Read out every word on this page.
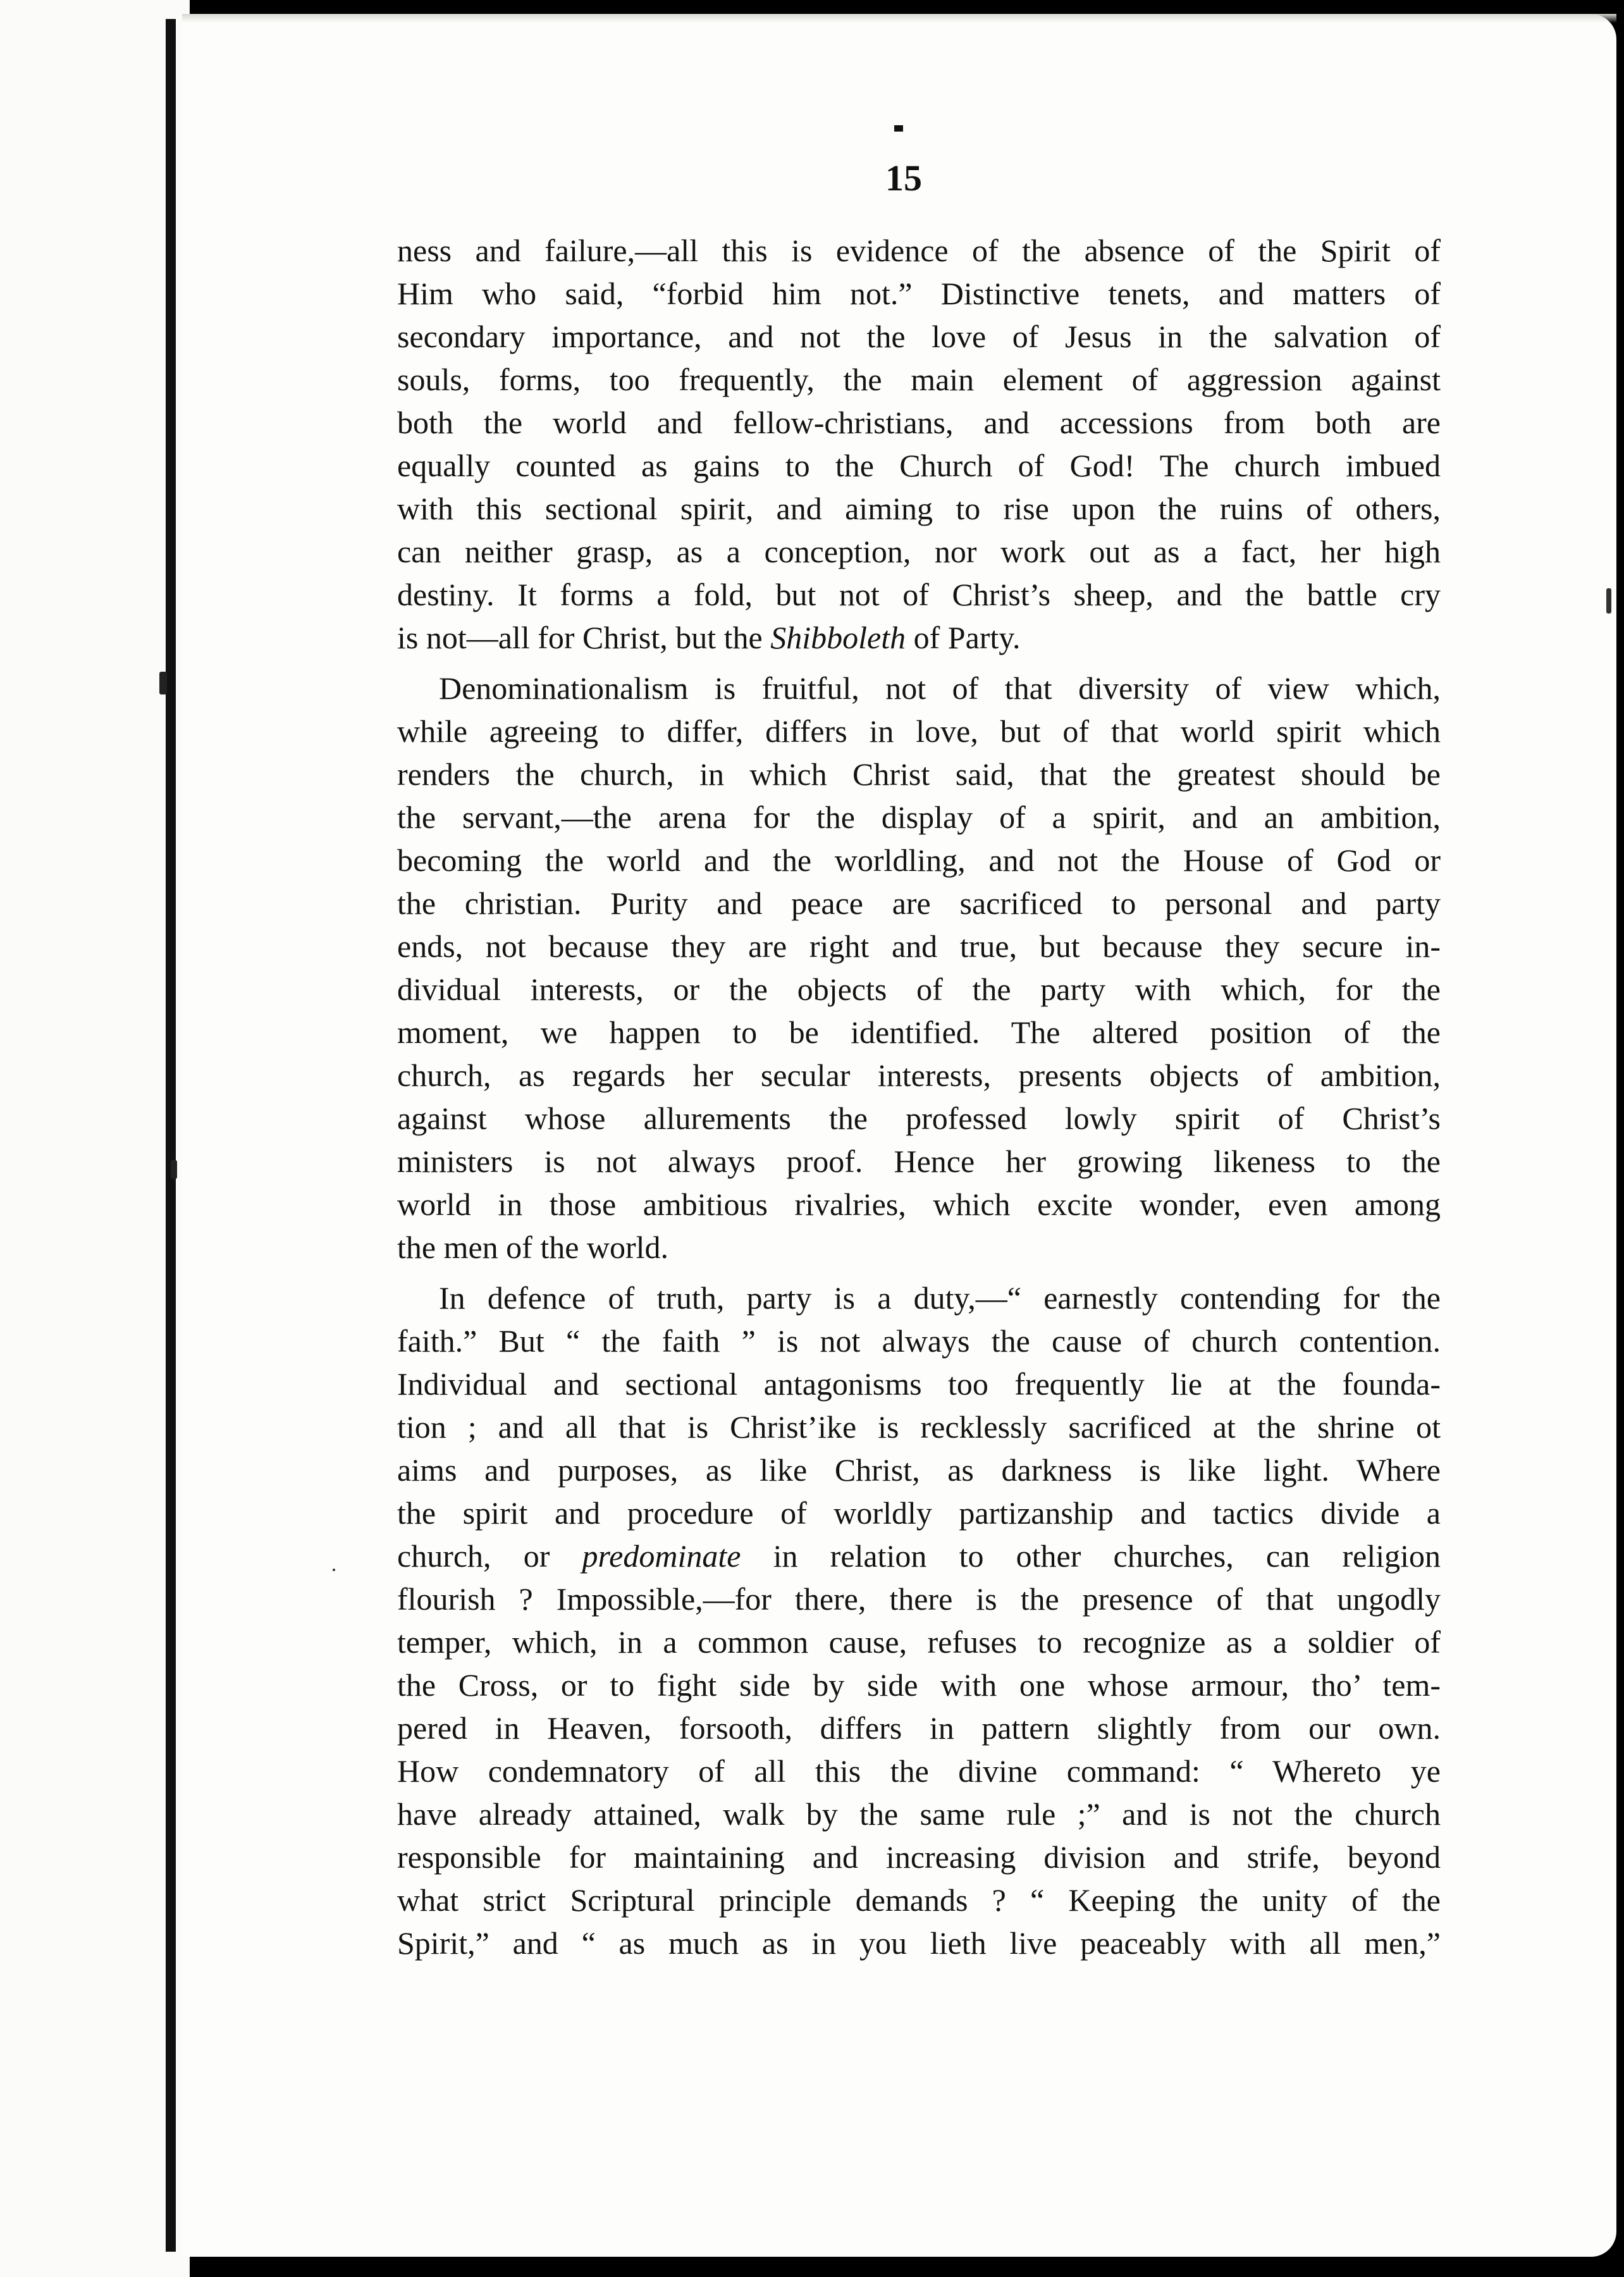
15
ness and failure,—all this is evidence of the absence of the Spirit of
Him who said, “forbid him not.” Distinctive tenets, and matters of
secondary importance, and not the love of Jesus in the salvation of
souls, forms, too frequently, the main element of aggression against
both the world and fellow-christians, and accessions from both are
equally counted as gains to the Church of God! The church imbued
with this sectional spirit, and aiming to rise upon the ruins of others,
can neither grasp, as a conception, nor work out as a fact, her high
destiny. It forms a fold, but not of Christ’s sheep, and the battle cry
is not—all for Christ, but the Shibboleth of Party.
Denominationalism is fruitful, not of that diversity of view which,
while agreeing to differ, differs in love, but of that world spirit which
renders the church, in which Christ said, that the greatest should be
the servant,—the arena for the display of a spirit, and an ambition,
becoming the world and the worldling, and not the House of God or
the christian. Purity and peace are sacrificed to personal and party
ends, not because they are right and true, but because they secure in-
dividual interests, or the objects of the party with which, for the
moment, we happen to be identified. The altered position of the
church, as regards her secular interests, presents objects of ambition,
against whose allurements the professed lowly spirit of Christ’s
ministers is not always proof. Hence her growing likeness to the
world in those ambitious rivalries, which excite wonder, even among
the men of the world.
In defence of truth, party is a duty,—“ earnestly contending for the
faith.” But “ the faith ” is not always the cause of church contention.
Individual and sectional antagonisms too frequently lie at the founda-
tion ; and all that is Christ’ike is recklessly sacrificed at the shrine ot
aims and purposes, as like Christ, as darkness is like light. Where
the spirit and procedure of worldly partizanship and tactics divide a
church, or predominate in relation to other churches, can religion
flourish ? Impossible,—for there, there is the presence of that ungodly
temper, which, in a common cause, refuses to recognize as a soldier of
the Cross, or to fight side by side with one whose armour, tho’ tem-
pered in Heaven, forsooth, differs in pattern slightly from our own.
How condemnatory of all this the divine command: “ Whereto ye
have already attained, walk by the same rule ;” and is not the church
responsible for maintaining and increasing division and strife, beyond
what strict Scriptural principle demands ? “ Keeping the unity of the
Spirit,” and “ as much as in you lieth live peaceably with all men,”
